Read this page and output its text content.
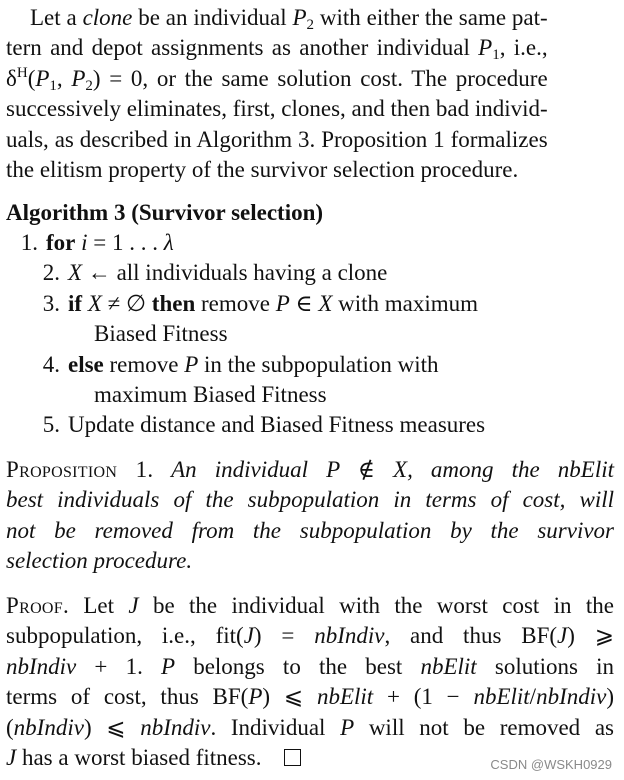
Let a clone be an individual $P_2$ with either the same pat-
tern and depot assignments as another individual $P_1$, i.e.,
$\delta^H(P_1$, $P_2) = 0$, or the same solution cost. The procedure
successively eliminates, first, clones, and then bad individ-
uals, as described in Algorithm 3. Proposition 1 formalizes
the elitism property of the survivor selection procedure.
Algorithm 3 (Survivor selection)
1. for i = 1 . . . λ
2. X ← all individuals having a clone
3. if X ≠ ∅ then remove P ∈ X with maximum
Biased Fitness
4. else remove P in the subpopulation with
maximum Biased Fitness
5. Update distance and Biased Fitness measures
Proposition 1. An individual P ∉ X, among the nbElit
best individuals of the subpopulation in terms of cost, will
not be removed from the subpopulation by the survivor
selection procedure.
Proof. Let J be the individual with the worst cost in the
subpopulation, i.e., fit(J) = nbIndiv, and thus BF(J) ⩾
nbIndiv + 1. P belongs to the best nbElit solutions in
terms of cost, thus BF(P) ⩽ nbElit + (1 − nbElit/nbIndiv)
(nbIndiv) ⩽ nbIndiv. Individual P will not be removed as
J has a worst biased fitness.	CSDN @WSKH0929
